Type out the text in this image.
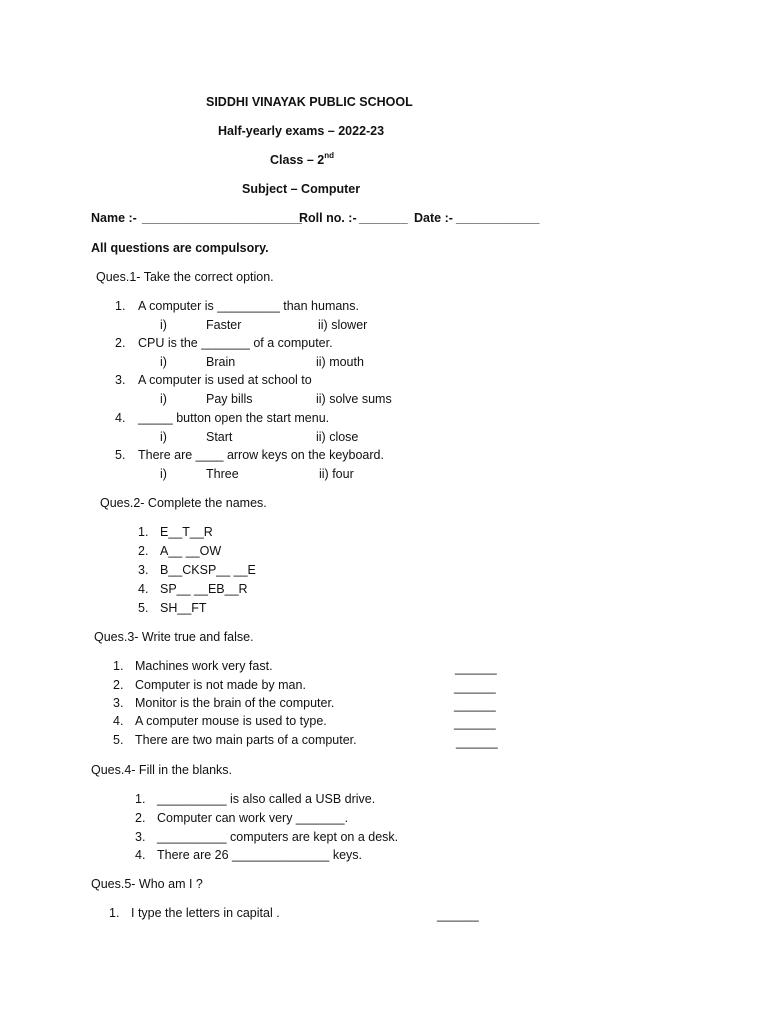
SIDDHI VINAYAK PUBLIC SCHOOL
Half-yearly exams – 2022-23
Class – 2nd
Subject – Computer
Name :- _______________________
Roll no. :- _______ Date :- ____________
All questions are compulsory.
Ques.1- Take the correct option.
1. A computer is _________ than humans.
i)	Faster	ii) slower
2. CPU is the _______ of a computer.
i)	Brain	ii) mouth
3. A computer is used at school to
i)	Pay bills	ii) solve sums
4. _____ button open the start menu.
i)	Start	ii) close
5. There are ____ arrow keys on the keyboard.
i)	Three	ii) four
Ques.2- Complete the names.
1. E__T__R
2. A__ __OW
3. B__CKSP__ __E
4. SP__ __EB__R
5. SH__FT
Ques.3- Write true and false.
1. Machines work very fast.	______
2. Computer is not made by man.	______
3. Monitor is the brain of the computer.	______
4. A computer mouse is used to type.	______
5. There are two main parts of a computer.	______
Ques.4- Fill in the blanks.
1. __________ is also called a USB drive.
2. Computer can work very _______.
3. __________ computers are kept on a desk.
4. There are 26 ______________ keys.
Ques.5- Who am I ?
1. I type the letters in capital .	______
